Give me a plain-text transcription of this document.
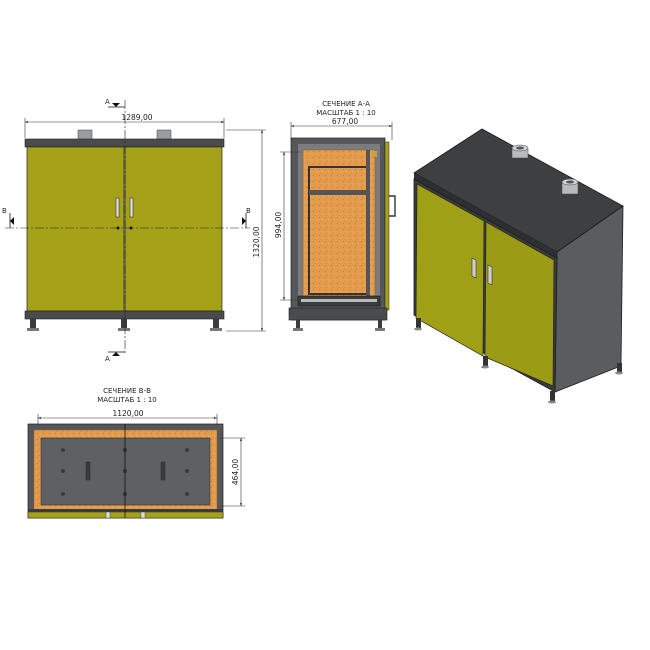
B	B
A
A
1289,00
1320,00
СЕЧЕНИЕ А-А
МАСШТАБ 1 : 10
677,00
994,00
СЕЧЕНИЕ В-В
МАСШТАБ 1 : 10
1120,00
464,00
